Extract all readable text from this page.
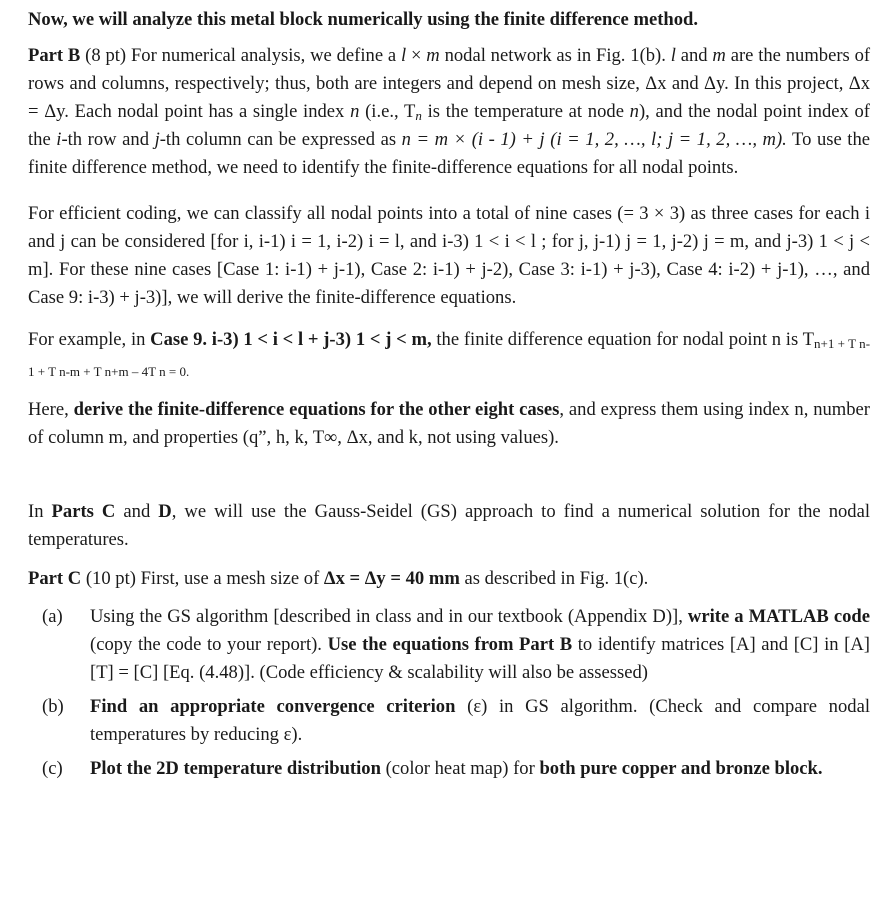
Now, we will analyze this metal block numerically using the finite difference method.

Part B (8 pt) For numerical analysis, we define a l × m nodal network as in Fig. 1(b). l and m are the numbers of rows and columns, respectively; thus, both are integers and depend on mesh size, Δx and Δy. In this project, Δx = Δy. Each nodal point has a single index n (i.e., $T_n$ is the temperature at node n), and the nodal point index of the i-th row and j-th column can be expressed as n = m × (i - 1) + j (i = 1, 2, …, l; j = 1, 2, …, m). To use the finite difference method, we need to identify the finite-difference equations for all nodal points.

For efficient coding, we can classify all nodal points into a total of nine cases (= 3 × 3) as three cases for each i and j can be considered [for i, i-1) i = 1, i-2) i = l, and i-3) 1 < i < l ; for j, j-1) j = 1, j-2) j = m, and j-3) 1 < j < m]. For these nine cases [Case 1: i-1) + j-1), Case 2: i-1) + j-2), Case 3: i-1) + j-3), Case 4: i-2) + j-1), …, and Case 9: i-3) + j-3)], we will derive the finite-difference equations.

For example, in Case 9. i-3) 1 < i < l + j-3) 1 < j < m, the finite difference equation for nodal point n is $T_{n+1 + T n-1 + T n-m + T n+m - 4T n = 0.}$

Here, derive the finite-difference equations for the other eight cases, and express them using index n, number of column m, and properties (q”, h, k, T∞, Δx, and k, not using values).

In Parts C and D, we will use the Gauss-Seidel (GS) approach to find a numerical solution for the nodal temperatures.

Part C (10 pt) First, use a mesh size of Δx = Δy = 40 mm as described in Fig. 1(c).

(a) Using the GS algorithm [described in class and in our textbook (Appendix D)], write a MATLAB code (copy the code to your report). Use the equations from Part B to identify matrices [A] and [C] in [A][T] = [C] [Eq. (4.48)]. (Code efficiency & scalability will also be assessed)

(b) Find an appropriate convergence criterion (ε) in GS algorithm. (Check and compare nodal temperatures by reducing ε).

(c) Plot the 2D temperature distribution (color heat map) for both pure copper and bronze block.
